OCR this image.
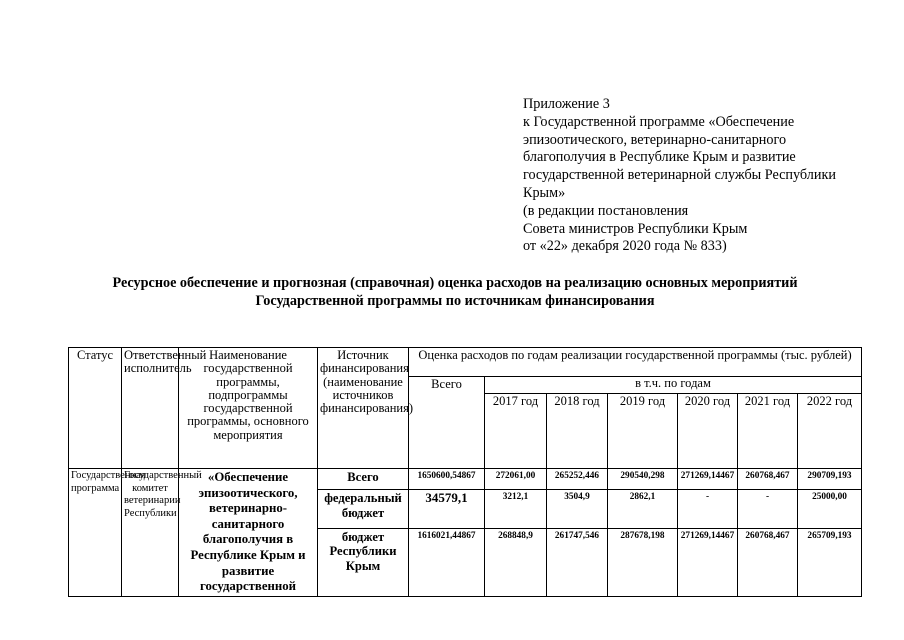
Приложение 3
к Государственной программе «Обеспечение
эпизоотического, ветеринарно-санитарного
благополучия в Республике Крым и развитие
государственной ветеринарной службы Республики
Крым»
(в редакции постановления
Совета министров Республики Крым
от «22» декабря 2020 года № 833)
Ресурсное обеспечение и прогнозная (справочная) оценка расходов на реализацию основных мероприятий
Государственной программы по источникам финансирования
Статус	Ответственный исполнитель	Наименование государственной программы, подпрограммы государственной программы, основного мероприятия	Источник финансирования (наименование источников финансирования)	Оценка расходов по годам реализации государственной программы (тыс. рублей)						
				Всего	в т.ч. по годам					
					2017 год	2018 год	2019 год	2020 год	2021 год	2022 год
Государственная программа	Государственный комитет ветеринарии Республики	«Обеспечение эпизоотического, ветеринарно-санитарного благополучия в Республике Крым и развитие государственной	Всего	1650600,54867	272061,00	265252,446	290540,298	271269,14467	260768,467	290709,193
			федеральный бюджет	34579,1	3212,1	3504,9	2862,1	-	-	25000,00
			бюджет Республики Крым	1616021,44867	268848,9	261747,546	287678,198	271269,14467	260768,467	265709,193
